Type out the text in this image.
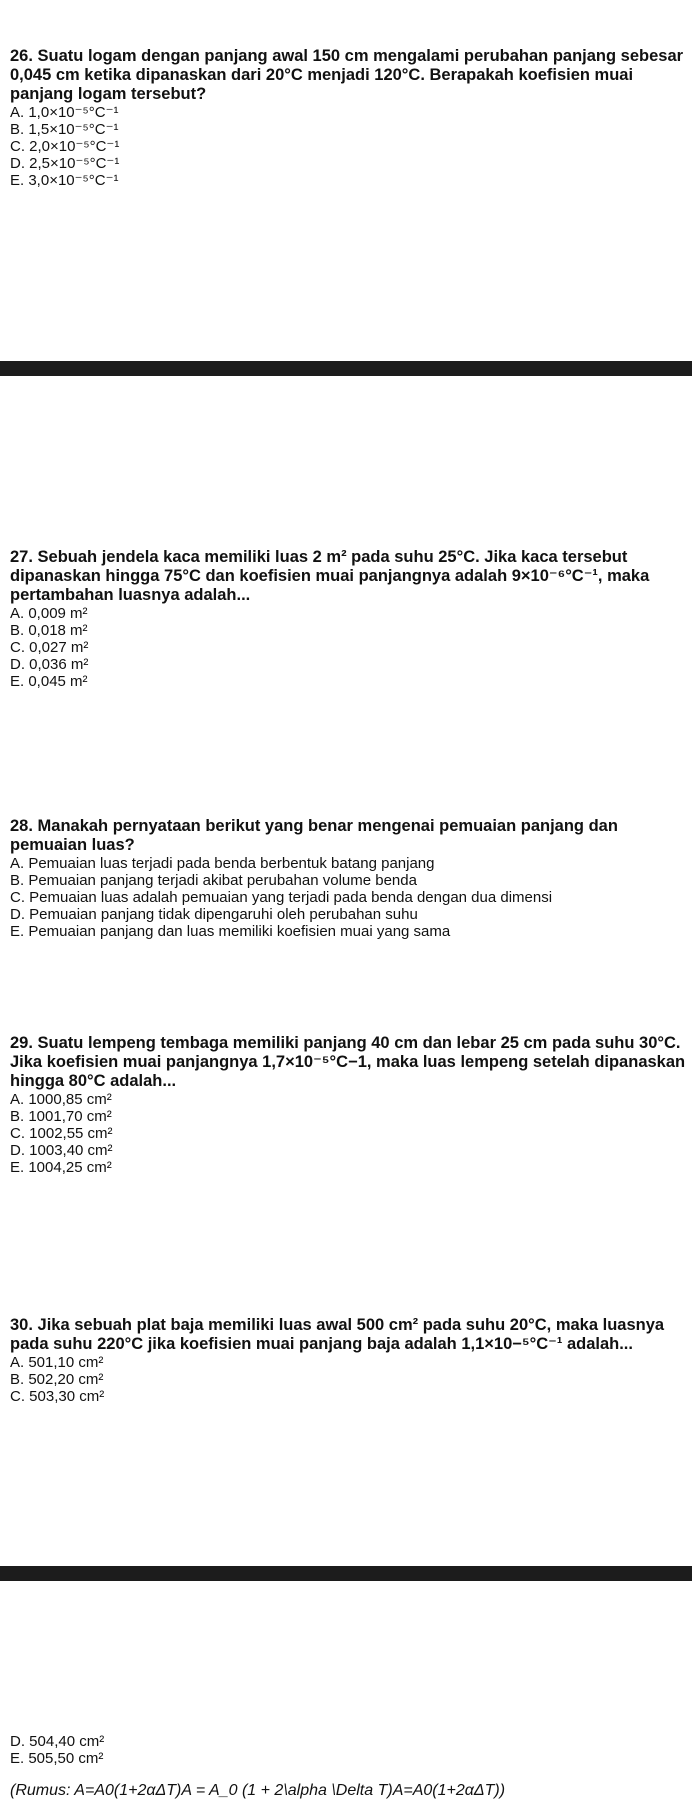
26. Suatu logam dengan panjang awal 150 cm mengalami perubahan panjang sebesar 0,045 cm ketika dipanaskan dari 20°C menjadi 120°C. Berapakah koefisien muai panjang logam tersebut?

A. 1,0×10⁻⁵°C⁻¹

B. 1,5×10⁻⁵°C⁻¹

C. 2,0×10⁻⁵°C⁻¹

D. 2,5×10⁻⁵°C⁻¹

E. 3,0×10⁻⁵°C⁻¹

27. Sebuah jendela kaca memiliki luas 2 m² pada suhu 25°C. Jika kaca tersebut dipanaskan hingga 75°C dan koefisien muai panjangnya adalah 9×10⁻⁶°C⁻¹, maka pertambahan luasnya adalah...

A. 0,009 m²

B. 0,018 m²

C. 0,027 m²

D. 0,036 m²

E. 0,045 m²

28. Manakah pernyataan berikut yang benar mengenai pemuaian panjang dan pemuaian luas?

A. Pemuaian luas terjadi pada benda berbentuk batang panjang

B. Pemuaian panjang terjadi akibat perubahan volume benda

C. Pemuaian luas adalah pemuaian yang terjadi pada benda dengan dua dimensi

D. Pemuaian panjang tidak dipengaruhi oleh perubahan suhu

E. Pemuaian panjang dan luas memiliki koefisien muai yang sama

29. Suatu lempeng tembaga memiliki panjang 40 cm dan lebar 25 cm pada suhu 30°C. Jika koefisien muai panjangnya 1,7×10⁻⁵°C−1, maka luas lempeng setelah dipanaskan hingga 80°C adalah...

A. 1000,85 cm²

B. 1001,70 cm²

C. 1002,55 cm²

D. 1003,40 cm²

E. 1004,25 cm²

30. Jika sebuah plat baja memiliki luas awal 500 cm² pada suhu 20°C, maka luasnya pada suhu 220°C jika koefisien muai panjang baja adalah 1,1×10−⁵°C⁻¹ adalah...

A. 501,10 cm²

B. 502,20 cm²

C. 503,30 cm²

D. 504,40 cm²

E. 505,50 cm²

(Rumus: A=A0(1+2αΔT)A = A_0 (1 + 2\alpha \Delta T)A=A0(1+2αΔT))
